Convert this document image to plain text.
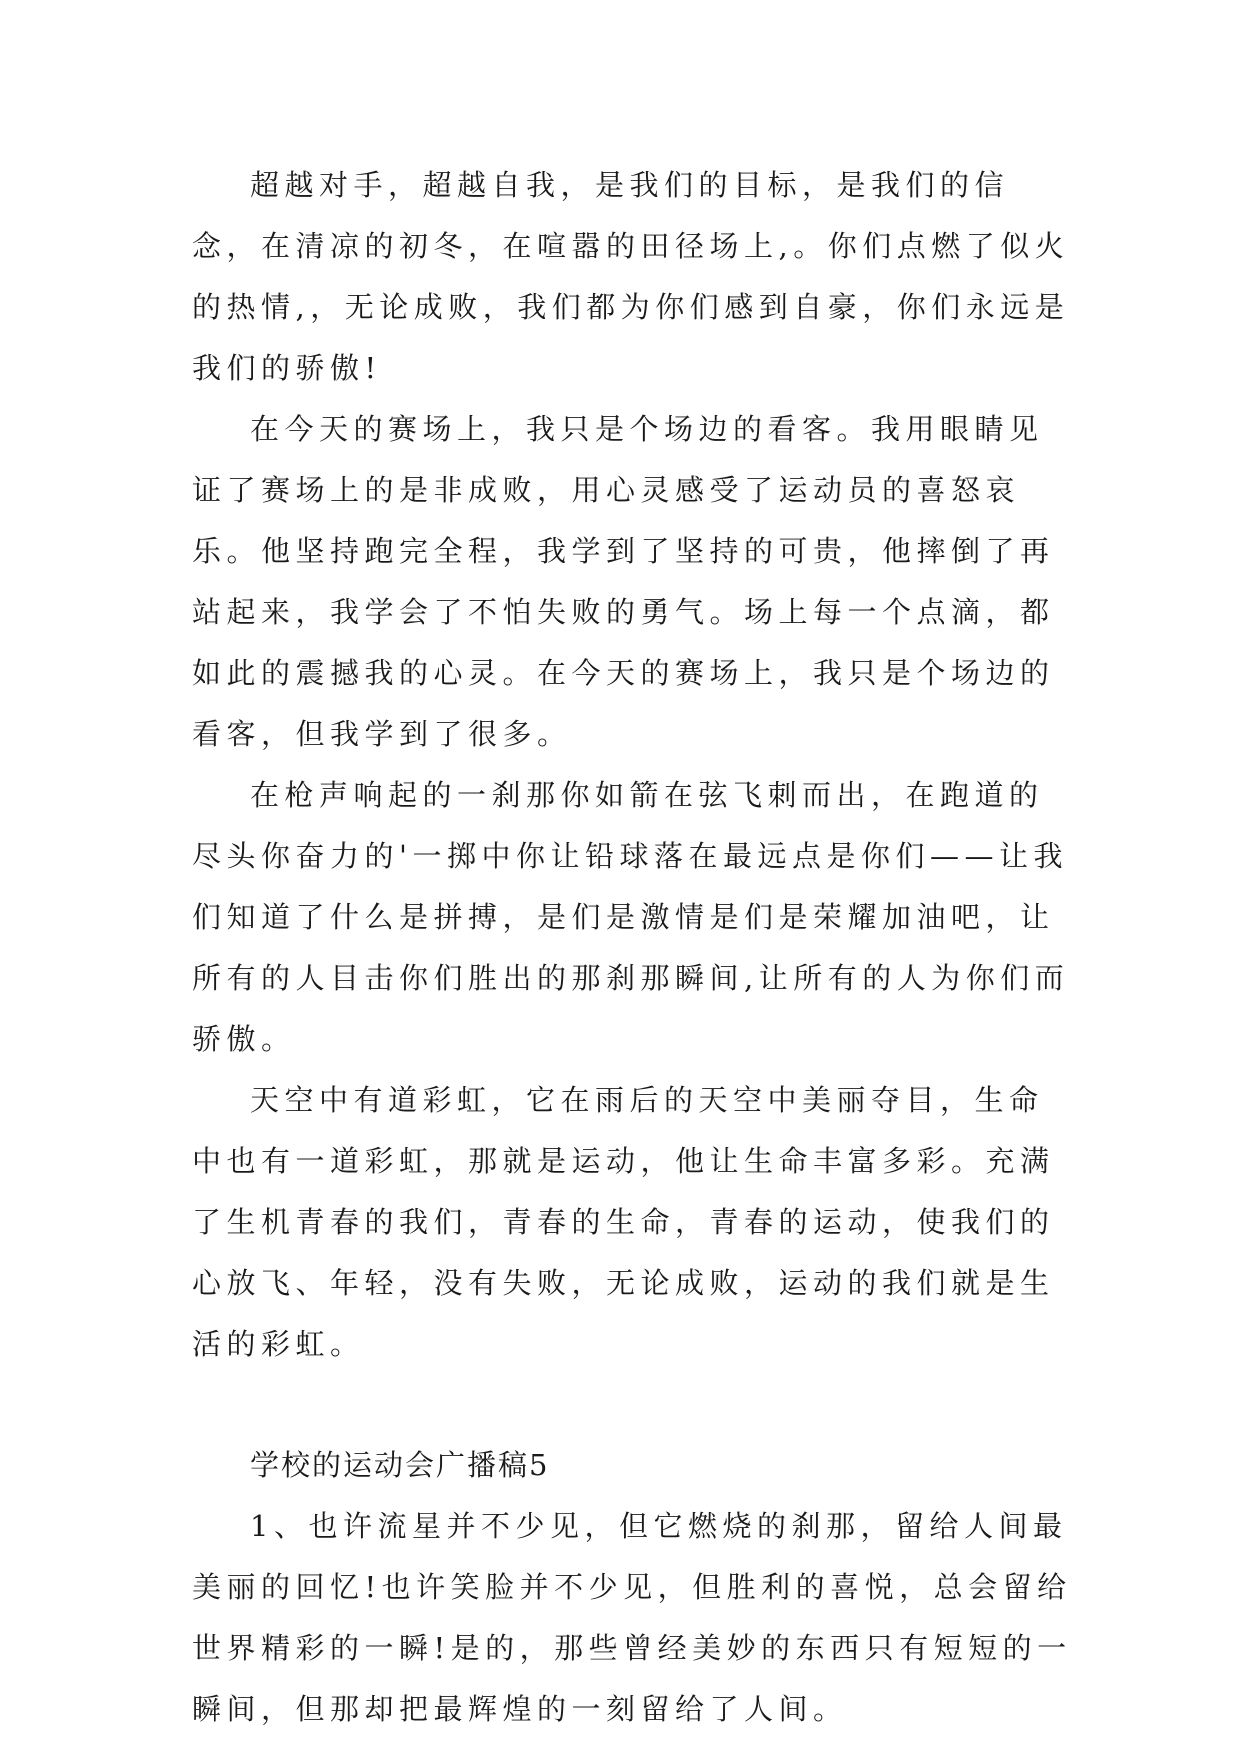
超越对手，超越自我，是我们的目标，是我们的信念，在清凉的初冬，在喧嚣的田径场上,。你们点燃了似火的热情,，无论成败，我们都为你们感到自豪，你们永远是我们的骄傲!

在今天的赛场上，我只是个场边的看客。我用眼睛见证了赛场上的是非成败，用心灵感受了运动员的喜怒哀乐。他坚持跑完全程，我学到了坚持的可贵，他摔倒了再站起来，我学会了不怕失败的勇气。场上每一个点滴，都如此的震撼我的心灵。在今天的赛场上，我只是个场边的看客，但我学到了很多。

在枪声响起的一刹那你如箭在弦飞刺而出，在跑道的尽头你奋力的'一掷中你让铅球落在最远点是你们——让我们知道了什么是拼搏，是们是激情是们是荣耀加油吧，让所有的人目击你们胜出的那刹那瞬间,让所有的人为你们而骄傲。

天空中有道彩虹，它在雨后的天空中美丽夺目，生命中也有一道彩虹，那就是运动，他让生命丰富多彩。充满了生机青春的我们，青春的生命，青春的运动，使我们的心放飞、年轻，没有失败，无论成败，运动的我们就是生活的彩虹。

学校的运动会广播稿5

1、也许流星并不少见，但它燃烧的刹那，留给人间最美丽的回忆!也许笑脸并不少见，但胜利的喜悦，总会留给世界精彩的一瞬!是的，那些曾经美妙的东西只有短短的一瞬间，但那却把最辉煌的一刻留给了人间。
